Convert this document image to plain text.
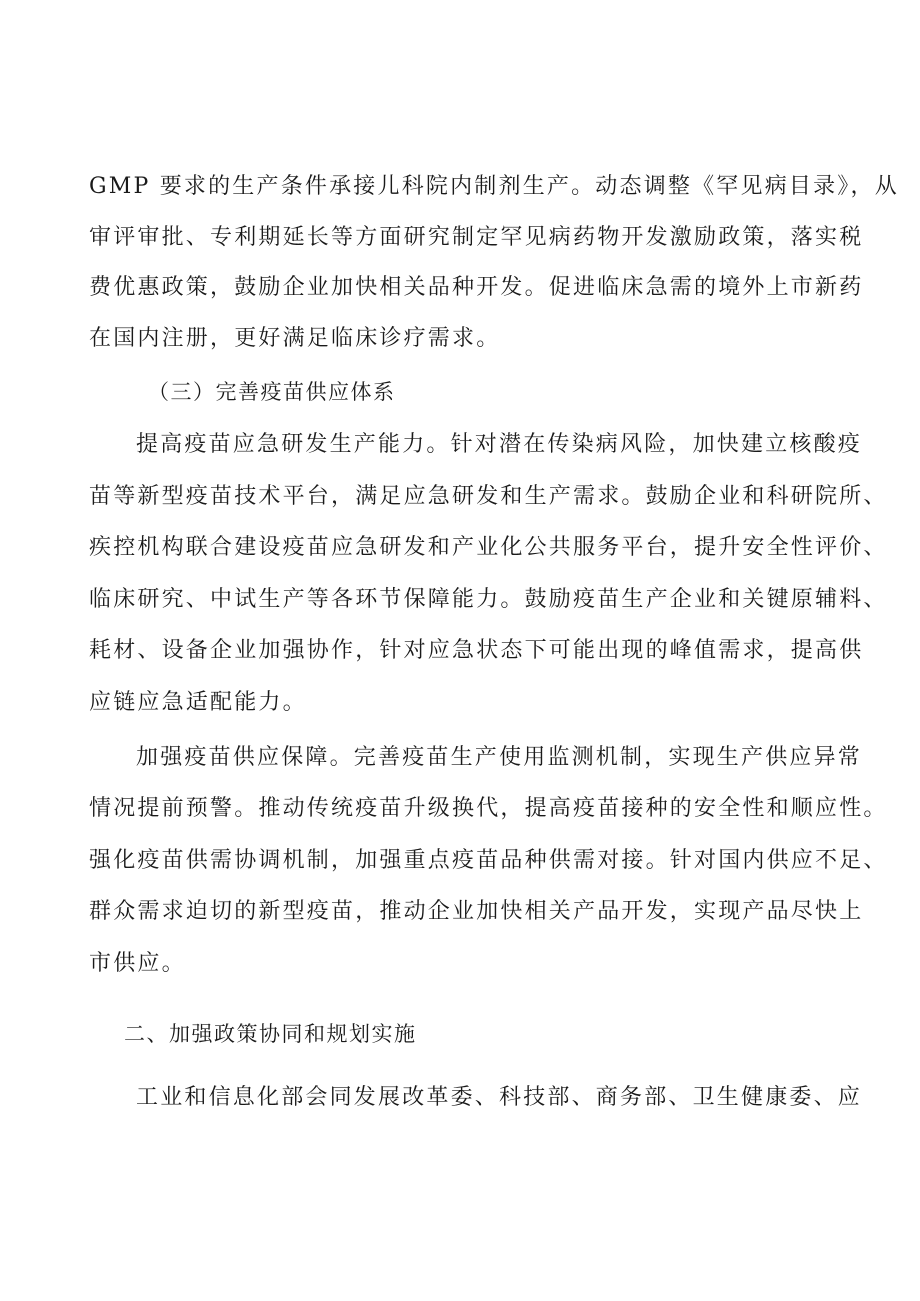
GMP 要求的生产条件承接儿科院内制剂生产。动态调整《罕见病目录》，从
审评审批、专利期延长等方面研究制定罕见病药物开发激励政策，落实税
费优惠政策，鼓励企业加快相关品种开发。促进临床急需的境外上市新药
在国内注册，更好满足临床诊疗需求。
（三）完善疫苗供应体系
提高疫苗应急研发生产能力。针对潜在传染病风险，加快建立核酸疫
苗等新型疫苗技术平台，满足应急研发和生产需求。鼓励企业和科研院所、
疾控机构联合建设疫苗应急研发和产业化公共服务平台，提升安全性评价、
临床研究、中试生产等各环节保障能力。鼓励疫苗生产企业和关键原辅料、
耗材、设备企业加强协作，针对应急状态下可能出现的峰值需求，提高供
应链应急适配能力。
加强疫苗供应保障。完善疫苗生产使用监测机制，实现生产供应异常
情况提前预警。推动传统疫苗升级换代，提高疫苗接种的安全性和顺应性。
强化疫苗供需协调机制，加强重点疫苗品种供需对接。针对国内供应不足、
群众需求迫切的新型疫苗，推动企业加快相关产品开发，实现产品尽快上
市供应。
二、加强政策协同和规划实施
工业和信息化部会同发展改革委、科技部、商务部、卫生健康委、应
